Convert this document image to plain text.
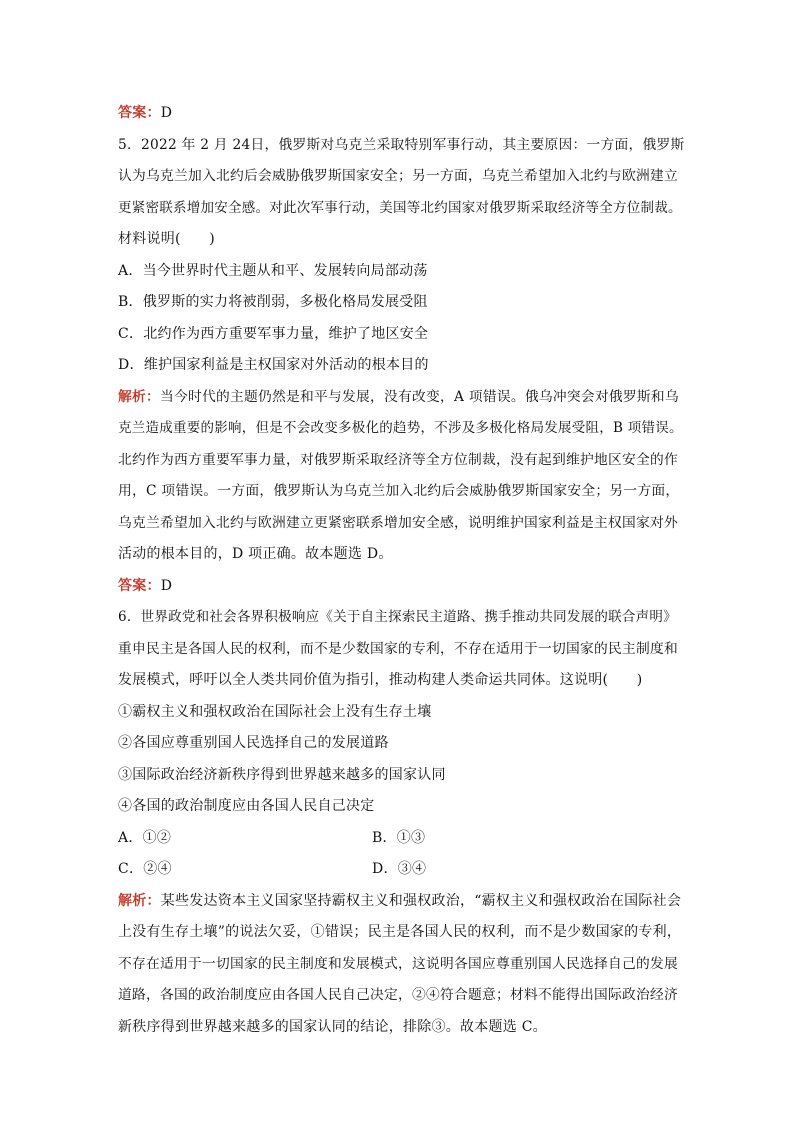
答案：D
5．2022 年 2 月 24日，俄罗斯对乌克兰采取特别军事行动，其主要原因：一方面，俄罗斯
认为乌克兰加入北约后会威胁俄罗斯国家安全；另一方面，乌克兰希望加入北约与欧洲建立
更紧密联系增加安全感。对此次军事行动，美国等北约国家对俄罗斯采取经济等全方位制裁。
材料说明(　　)
A．当今世界时代主题从和平、发展转向局部动荡
B．俄罗斯的实力将被削弱，多极化格局发展受阻
C．北约作为西方重要军事力量，维护了地区安全
D．维护国家利益是主权国家对外活动的根本目的
解析：当今时代的主题仍然是和平与发展，没有改变，A 项错误。俄乌冲突会对俄罗斯和乌
克兰造成重要的影响，但是不会改变多极化的趋势，不涉及多极化格局发展受阻，B 项错误。
北约作为西方重要军事力量，对俄罗斯采取经济等全方位制裁，没有起到维护地区安全的作
用，C 项错误。一方面，俄罗斯认为乌克兰加入北约后会威胁俄罗斯国家安全；另一方面，
乌克兰希望加入北约与欧洲建立更紧密联系增加安全感，说明维护国家利益是主权国家对外
活动的根本目的，D 项正确。故本题选 D。
答案：D
6．世界政党和社会各界积极响应《关于自主探索民主道路、携手推动共同发展的联合声明》
重申民主是各国人民的权利，而不是少数国家的专利，不存在适用于一切国家的民主制度和
发展模式，呼吁以全人类共同价值为指引，推动构建人类命运共同体。这说明(　　)
①霸权主义和强权政治在国际社会上没有生存土壤
②各国应尊重别国人民选择自己的发展道路
③国际政治经济新秩序得到世界越来越多的国家认同
④各国的政治制度应由各国人民自己决定
A．①②	B．①③
C．②④	D．③④
解析：某些发达资本主义国家坚持霸权主义和强权政治，“霸权主义和强权政治在国际社会
上没有生存土壤”的说法欠妥，①错误；民主是各国人民的权利，而不是少数国家的专利，
不存在适用于一切国家的民主制度和发展模式，这说明各国应尊重别国人民选择自己的发展
道路，各国的政治制度应由各国人民自己决定，②④符合题意；材料不能得出国际政治经济
新秩序得到世界越来越多的国家认同的结论，排除③。故本题选 C。
